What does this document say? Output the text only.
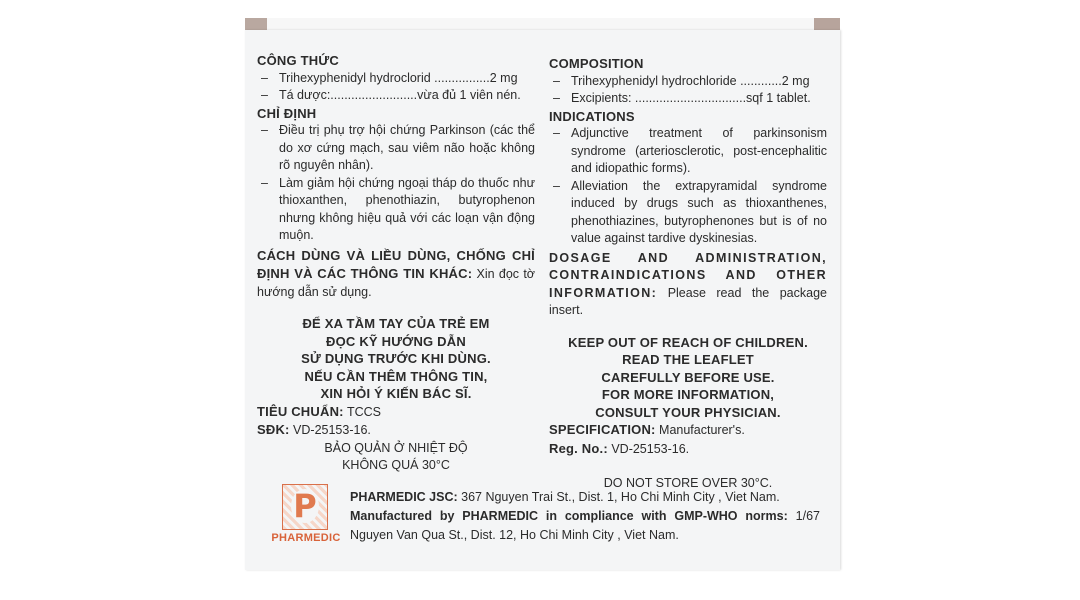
CÔNG THỨC
– Trihexyphenidyl hydroclorid ................2 mg
– Tá dược:.........................vừa đủ 1 viên nén.
CHỈ ĐỊNH
– Điều trị phụ trợ hội chứng Parkinson (các thể do xơ cứng mạch, sau viêm não hoặc không rõ nguyên nhân).
– Làm giảm hội chứng ngoại tháp do thuốc như thioxanthen, phenothiazin, butyrophenon nhưng không hiệu quả với các loạn vận động muộn.
CÁCH DÙNG VÀ LIỀU DÙNG, CHỐNG CHỈ ĐỊNH VÀ CÁC THÔNG TIN KHÁC: Xin đọc tờ hướng dẫn sử dụng.
ĐỂ XA TẦM TAY CỦA TRẺ EM
ĐỌC KỸ HƯỚNG DẪN
SỬ DỤNG TRƯỚC KHI DÙNG.
NẾU CẦN THÊM THÔNG TIN,
XIN HỎI Ý KIẾN BÁC SĨ.
TIÊU CHUẨN: TCCS
SĐK: VD-25153-16.
BẢO QUẢN Ở NHIỆT ĐỘ
KHÔNG QUÁ 30°C
COMPOSITION
– Trihexyphenidyl hydrochloride ............2 mg
– Excipients: ................................sqf 1 tablet.
INDICATIONS
– Adjunctive treatment of parkinsonism syndrome (arteriosclerotic, post-encephalitic and idiopathic forms).
– Alleviation the extrapyramidal syndrome induced by drugs such as thioxanthenes, phenothiazines, butyrophenones but is of no value against tardive dyskinesias.
DOSAGE AND ADMINISTRATION, CONTRAINDICATIONS AND OTHER INFORMATION: Please read the package insert.
KEEP OUT OF REACH OF CHILDREN.
READ THE LEAFLET
CAREFULLY BEFORE USE.
FOR MORE INFORMATION,
CONSULT YOUR PHYSICIAN.
SPECIFICATION: Manufacturer's.
Reg. No.: VD-25153-16.
DO NOT STORE OVER 30°C.
P
PHARMEDIC
PHARMEDIC JSC: 367 Nguyen Trai St., Dist. 1, Ho Chi Minh City , Viet Nam.
Manufactured by PHARMEDIC in compliance with GMP-WHO norms: 1/67 Nguyen Van Qua St., Dist. 12, Ho Chi Minh City , Viet Nam.
